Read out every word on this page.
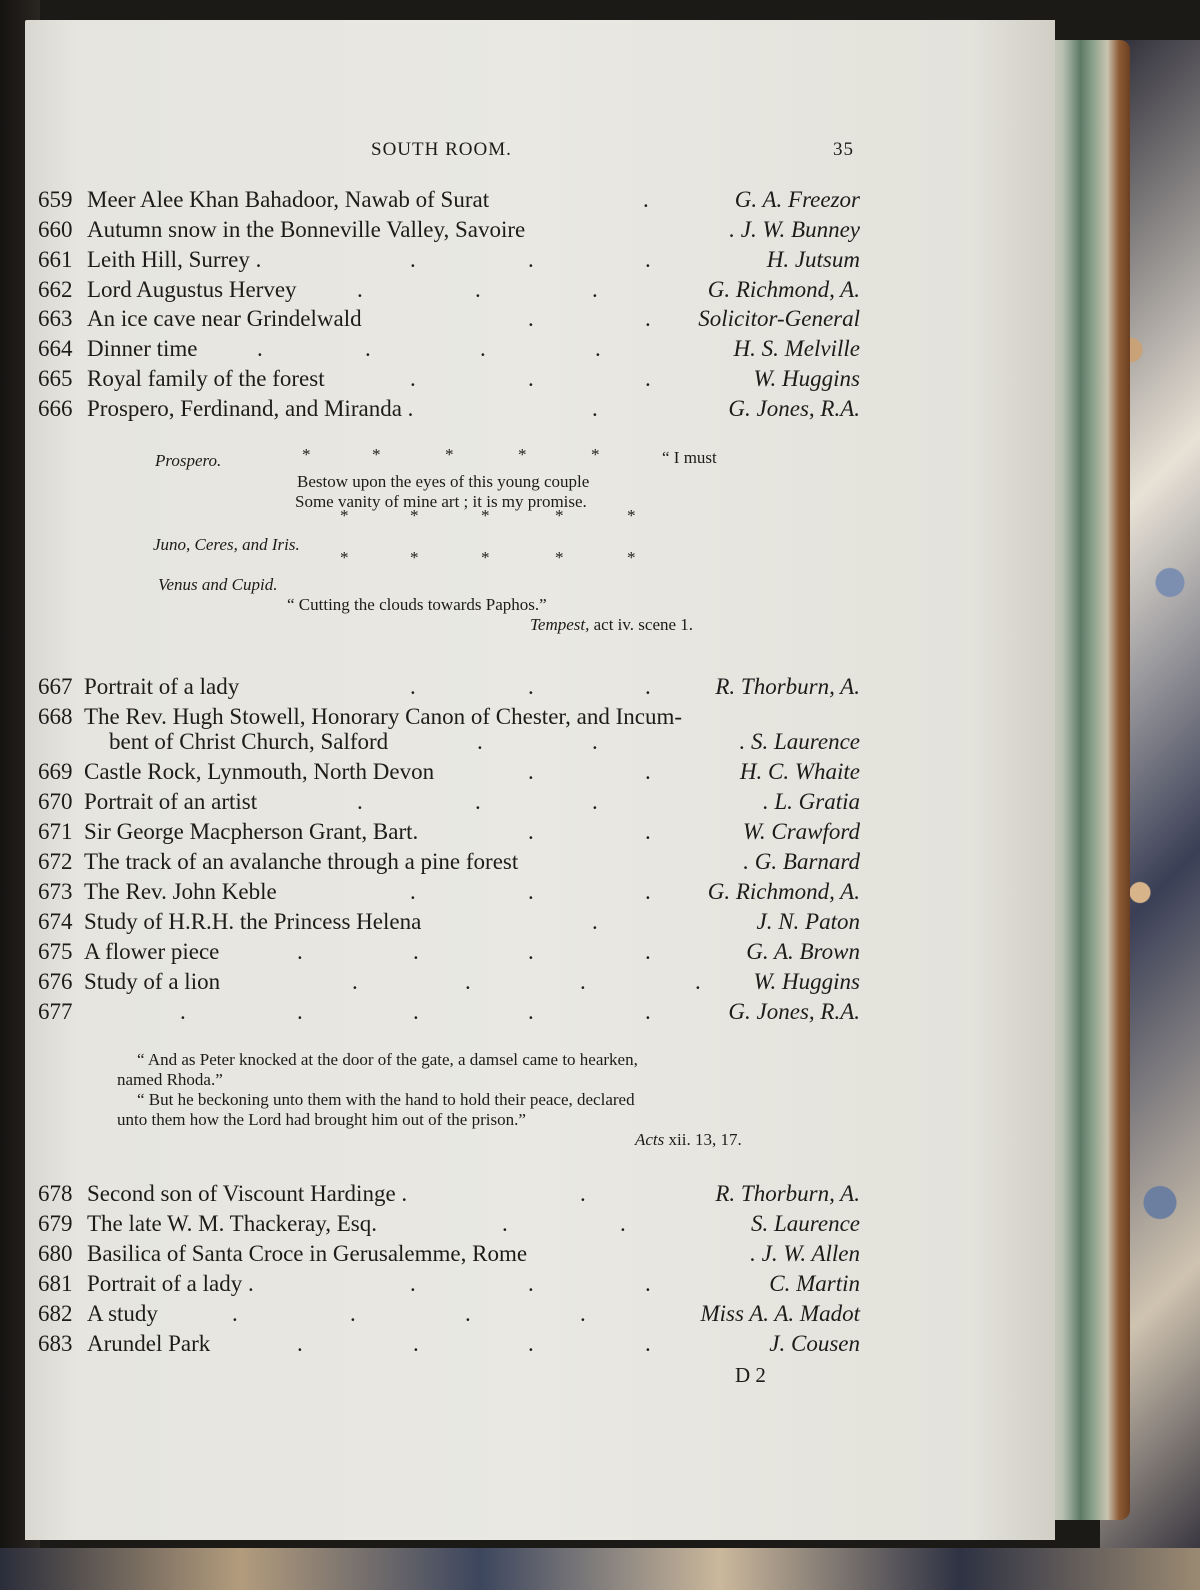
SOUTH ROOM.	35
659 Meer Alee Khan Bahadoor, Nawab of Surat	.	G. A. Freezor
660 Autumn snow in the Bonneville Valley, Savoire	. J. W. Bunney
661 Leith Hill, Surrey .	.	.	.	H. Jutsum
662 Lord Augustus Hervey	.	.	.	G. Richmond, A.
663 An ice cave near Grindelwald	.	. Solicitor-General
664 Dinner time	.	.	.	.	H. S. Melville
665 Royal family of the forest	.	.	.	W. Huggins
666 Prospero, Ferdinand, and Miranda .	.	G. Jones, R.A.
Prospero.	*	*	*	*	*	“ I must
Bestow upon the eyes of this young couple
Some vanity of mine art ; it is my promise.
*	*	*	*	*
Juno, Ceres, and Iris.
*	*	*	*	*
Venus and Cupid.
“ Cutting the clouds towards Paphos.”
Tempest, act iv. scene 1.
667 Portrait of a lady	.	.	.	R. Thorburn, A.
668 The Rev. Hugh Stowell, Honorary Canon of Chester, and Incum-
bent of Christ Church, Salford	.	.	. S. Laurence
669 Castle Rock, Lynmouth, North Devon	.	.	H. C. Whaite
670 Portrait of an artist	.	.	.	. L. Gratia
671 Sir George Macpherson Grant, Bart.	.	.	W. Crawford
672 The track of an avalanche through a pine forest	. G. Barnard
673 The Rev. John Keble	.	.	. G. Richmond, A.
674 Study of H.R.H. the Princess Helena	.	J. N. Paton
675 A flower piece	.	.	.	.	G. A. Brown
676 Study of a lion	.	.	.	. W. Huggins
677	.	.	.	.	.	G. Jones, R.A.
“ And as Peter knocked at the door of the gate, a damsel came to hearken,
named Rhoda.”
“ But he beckoning unto them with the hand to hold their peace, declared
unto them how the Lord had brought him out of the prison.”
Acts xii. 13, 17.
678 Second son of Viscount Hardinge .	.	R. Thorburn, A.
679 The late W. M. Thackeray, Esq.	.	.	S. Laurence
680 Basilica of Santa Croce in Gerusalemme, Rome	. J. W. Allen
681 Portrait of a lady .	.	.	.	C. Martin
682 A study	.	.	.	.	Miss A. A. Madot
683 Arundel Park	.	.	.	.	J. Cousen
D 2
